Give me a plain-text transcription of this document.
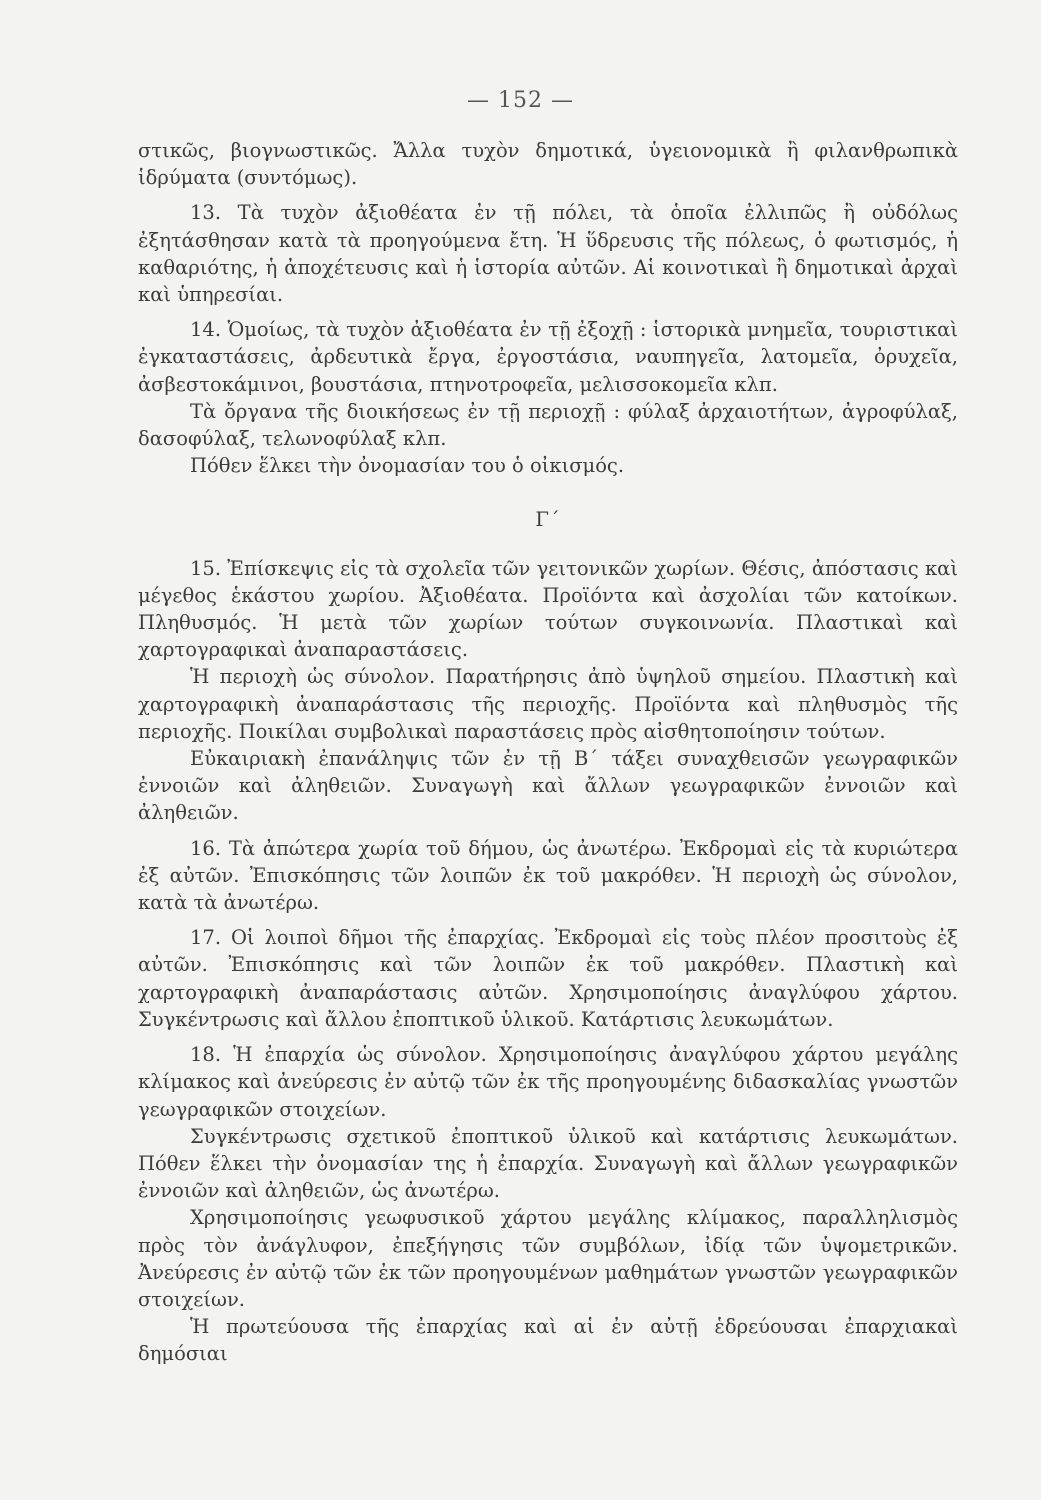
— 152 —

στικῶς, βιογνωστικῶς. Ἄλλα τυχὸν δημοτικά, ὑγειονομικὰ ἢ φιλανθρωπικὰ ἱδρύματα (συντόμως).

13. Τὰ τυχὸν ἀξιοθέατα ἐν τῇ πόλει, τὰ ὁποῖα ἐλλιπῶς ἢ οὐδόλως ἐξητάσθησαν κατὰ τὰ προηγούμενα ἔτη. Ἡ ὕδρευσις τῆς πόλεως, ὁ φωτισμός, ἡ καθαριότης, ἡ ἀποχέτευσις καὶ ἡ ἱστορία αὐτῶν. Αἱ κοινοτικαὶ ἢ δημοτικαὶ ἀρχαὶ καὶ ὑπηρεσίαι.

14. Ὁμοίως, τὰ τυχὸν ἀξιοθέατα ἐν τῇ ἐξοχῇ : ἱστορικὰ μνημεῖα, τουριστικαὶ ἐγκαταστάσεις, ἀρδευτικὰ ἔργα, ἐργοστάσια, ναυπηγεῖα, λατομεῖα, ὀρυχεῖα, ἀσβεστοκάμινοι, βουστάσια, πτηνοτροφεῖα, μελισσοκομεῖα κλπ.

Τὰ ὄργανα τῆς διοικήσεως ἐν τῇ περιοχῇ : φύλαξ ἀρχαιοτήτων, ἀγροφύλαξ, δασοφύλαξ, τελωνοφύλαξ κλπ.

Πόθεν ἕλκει τὴν ὀνομασίαν του ὁ οἰκισμός.

Γ΄

15. Ἐπίσκεψις εἰς τὰ σχολεῖα τῶν γειτονικῶν χωρίων. Θέσις, ἀπόστασις καὶ μέγεθος ἑκάστου χωρίου. Ἀξιοθέατα. Προϊόντα καὶ ἀσχολίαι τῶν κατοίκων. Πληθυσμός. Ἡ μετὰ τῶν χωρίων τούτων συγκοινωνία. Πλαστικαὶ καὶ χαρτογραφικαὶ ἀναπαραστάσεις.

Ἡ περιοχὴ ὡς σύνολον. Παρατήρησις ἀπὸ ὑψηλοῦ σημείου. Πλαστικὴ καὶ χαρτογραφικὴ ἀναπαράστασις τῆς περιοχῆς. Προϊόντα καὶ πληθυσμὸς τῆς περιοχῆς. Ποικίλαι συμβολικαὶ παραστάσεις πρὸς αἰσθητοποίησιν τούτων.

Εὐκαιριακὴ ἐπανάληψις τῶν ἐν τῇ Β΄ τάξει συναχθεισῶν γεωγραφικῶν ἐννοιῶν καὶ ἀληθειῶν. Συναγωγὴ καὶ ἄλλων γεωγραφικῶν ἐννοιῶν καὶ ἀληθειῶν.

16. Τὰ ἀπώτερα χωρία τοῦ δήμου, ὡς ἀνωτέρω. Ἐκδρομαὶ εἰς τὰ κυριώτερα ἐξ αὐτῶν. Ἐπισκόπησις τῶν λοιπῶν ἐκ τοῦ μακρόθεν. Ἡ περιοχὴ ὡς σύνολον, κατὰ τὰ ἀνωτέρω.

17. Οἱ λοιποὶ δῆμοι τῆς ἐπαρχίας. Ἐκδρομαὶ εἰς τοὺς πλέον προσιτοὺς ἐξ αὐτῶν. Ἐπισκόπησις καὶ τῶν λοιπῶν ἐκ τοῦ μακρόθεν. Πλαστικὴ καὶ χαρτογραφικὴ ἀναπαράστασις αὐτῶν. Χρησιμοποίησις ἀναγλύφου χάρτου. Συγκέντρωσις καὶ ἄλλου ἐποπτικοῦ ὑλικοῦ. Κατάρτισις λευκωμάτων.

18. Ἡ ἐπαρχία ὡς σύνολον. Χρησιμοποίησις ἀναγλύφου χάρτου μεγάλης κλίμακος καὶ ἀνεύρεσις ἐν αὐτῷ τῶν ἐκ τῆς προηγουμένης διδασκαλίας γνωστῶν γεωγραφικῶν στοιχείων.

Συγκέντρωσις σχετικοῦ ἐποπτικοῦ ὑλικοῦ καὶ κατάρτισις λευκωμάτων. Πόθεν ἕλκει τὴν ὀνομασίαν της ἡ ἐπαρχία. Συναγωγὴ καὶ ἄλλων γεωγραφικῶν ἐννοιῶν καὶ ἀληθειῶν, ὡς ἀνωτέρω.

Χρησιμοποίησις γεωφυσικοῦ χάρτου μεγάλης κλίμακος, παραλληλισμὸς πρὸς τὸν ἀνάγλυφον, ἐπεξήγησις τῶν συμβόλων, ἰδίᾳ τῶν ὑψομετρικῶν. Ἀνεύρεσις ἐν αὐτῷ τῶν ἐκ τῶν προηγουμένων μαθημάτων γνωστῶν γεωγραφικῶν στοιχείων.

Ἡ πρωτεύουσα τῆς ἐπαρχίας καὶ αἱ ἐν αὐτῇ ἑδρεύουσαι ἐπαρχιακαὶ δημόσιαι
